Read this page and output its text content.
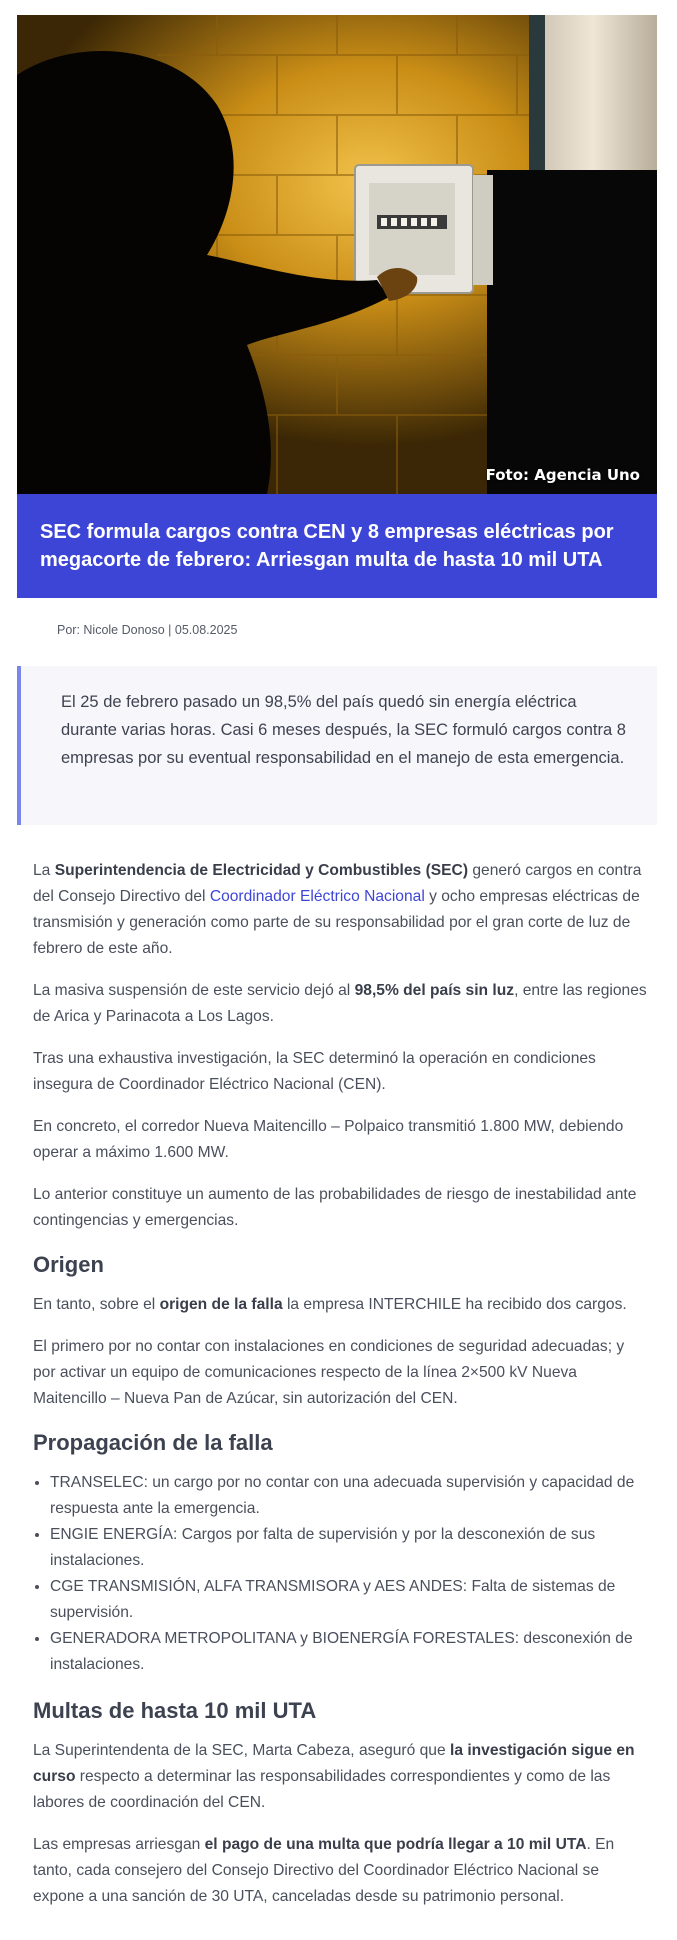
Foto: Agencia Uno
SEC formula cargos contra CEN y 8 empresas eléctricas por megacorte de febrero: Arriesgan multa de hasta 10 mil UTA
Por: Nicole Donoso | 05.08.2025

El 25 de febrero pasado un 98,5% del país quedó sin energía eléctrica durante varias horas. Casi 6 meses después, la SEC formuló cargos contra 8 empresas por su eventual responsabilidad en el manejo de esta emergencia.

La Superintendencia de Electricidad y Combustibles (SEC) generó cargos en contra del Consejo Directivo del Coordinador Eléctrico Nacional y ocho empresas eléctricas de transmisión y generación como parte de su responsabilidad por el gran corte de luz de febrero de este año.

La masiva suspensión de este servicio dejó al 98,5% del país sin luz, entre las regiones de Arica y Parinacota a Los Lagos.

Tras una exhaustiva investigación, la SEC determinó la operación en condiciones insegura de Coordinador Eléctrico Nacional (CEN).

En concreto, el corredor Nueva Maitencillo – Polpaico transmitió 1.800 MW, debiendo operar a máximo 1.600 MW.

Lo anterior constituye un aumento de las probabilidades de riesgo de inestabilidad ante contingencias y emergencias.

Origen

En tanto, sobre el origen de la falla la empresa INTERCHILE ha recibido dos cargos.

El primero por no contar con instalaciones en condiciones de seguridad adecuadas; y por activar un equipo de comunicaciones respecto de la línea 2×500 kV Nueva Maitencillo – Nueva Pan de Azúcar, sin autorización del CEN.

Propagación de la falla
• TRANSELEC: un cargo por no contar con una adecuada supervisión y capacidad de respuesta ante la emergencia.
• ENGIE ENERGÍA: Cargos por falta de supervisión y por la desconexión de sus instalaciones.
• CGE TRANSMISIÓN, ALFA TRANSMISORA y AES ANDES: Falta de sistemas de supervisión.
• GENERADORA METROPOLITANA y BIOENERGÍA FORESTALES: desconexión de instalaciones.
Multas de hasta 10 mil UTA

La Superintendenta de la SEC, Marta Cabeza, aseguró que la investigación sigue en curso respecto a determinar las responsabilidades correspondientes y como de las labores de coordinación del CEN.

Las empresas arriesgan el pago de una multa que podría llegar a 10 mil UTA. En tanto, cada consejero del Consejo Directivo del Coordinador Eléctrico Nacional se expone a una sanción de 30 UTA, canceladas desde su patrimonio personal.
